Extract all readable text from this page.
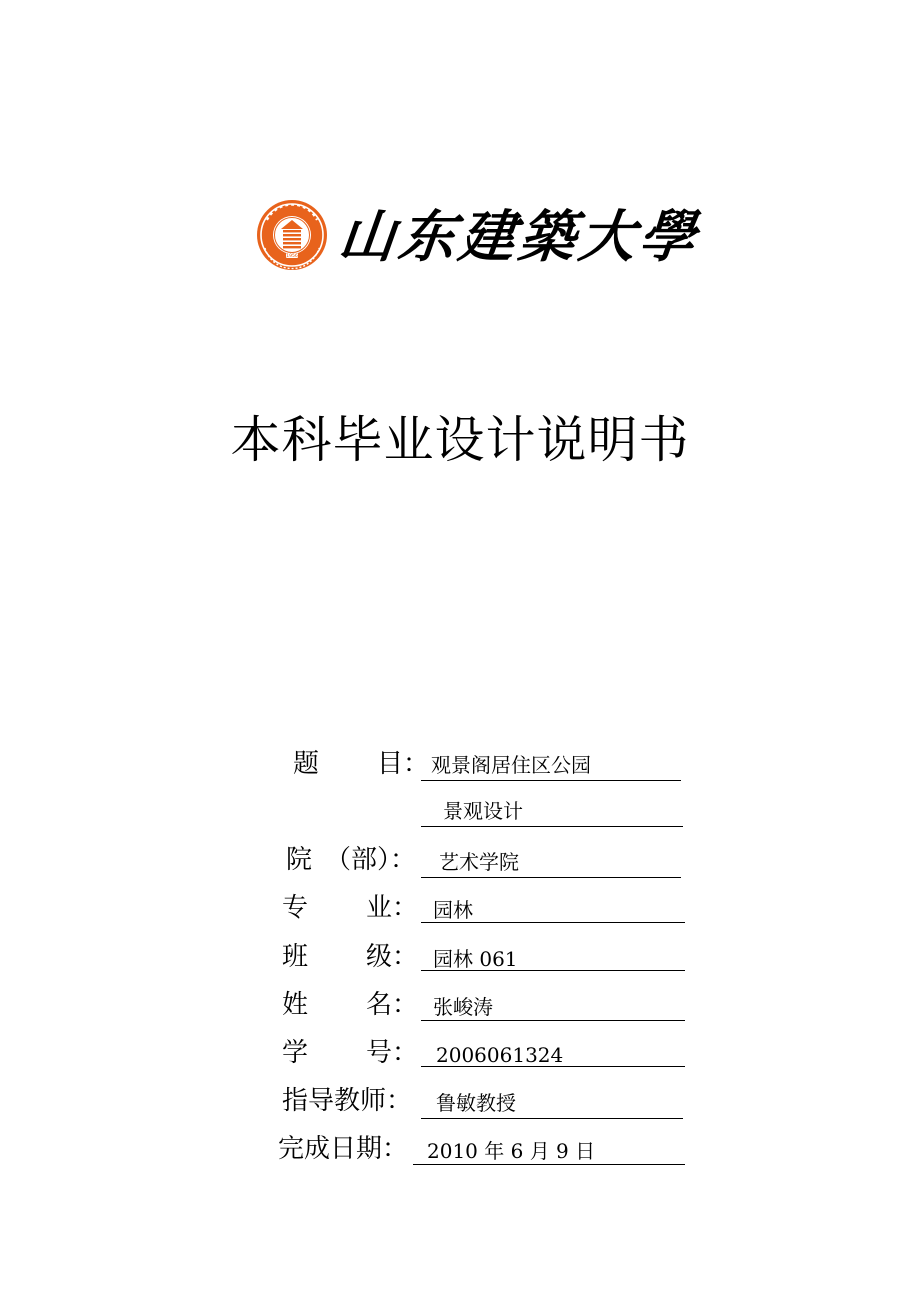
1956 山东建築大學
本科毕业设计说明书
题 目： 观景阁居住区公园
景观设计
院　（部）： 艺术学院
专 业： 园林
班 级： 园林 061
姓 名： 张峻涛
学 号： 2006061324
指导教师： 鲁敏教授
完成日期： 2010 年 6 月 9 日
